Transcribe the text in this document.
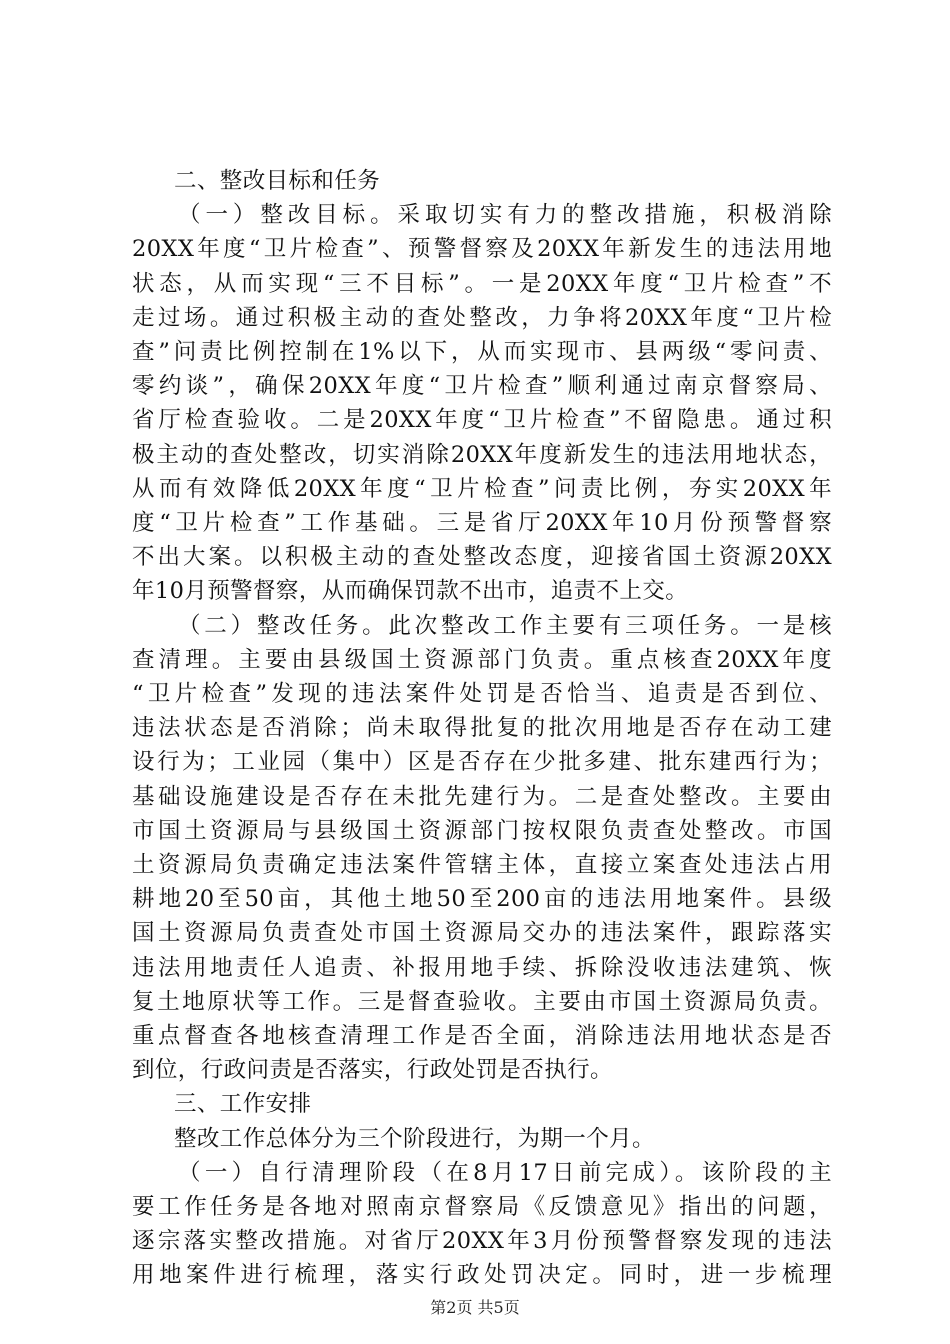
二、整改目标和任务
（一）整改目标。采取切实有力的整改措施，积极消除
20XX年度“卫片检查”、预警督察及20XX年新发生的违法用地
状态，从而实现“三不目标”。一是20XX年度“卫片检查”不
走过场。通过积极主动的查处整改，力争将20XX年度“卫片检
查”问责比例控制在1%以下，从而实现市、县两级“零问责、
零约谈”，确保20XX年度“卫片检查”顺利通过南京督察局、
省厅检查验收。二是20XX年度“卫片检查”不留隐患。通过积
极主动的查处整改，切实消除20XX年度新发生的违法用地状态，
从而有效降低20XX年度“卫片检查”问责比例，夯实20XX年
度“卫片检查”工作基础。三是省厅20XX年10月份预警督察
不出大案。以积极主动的查处整改态度，迎接省国土资源20XX
年10月预警督察，从而确保罚款不出市，追责不上交。
（二）整改任务。此次整改工作主要有三项任务。一是核
查清理。主要由县级国土资源部门负责。重点核查20XX年度
“卫片检查”发现的违法案件处罚是否恰当、追责是否到位、
违法状态是否消除；尚未取得批复的批次用地是否存在动工建
设行为；工业园（集中）区是否存在少批多建、批东建西行为；
基础设施建设是否存在未批先建行为。二是查处整改。主要由
市国土资源局与县级国土资源部门按权限负责查处整改。市国
土资源局负责确定违法案件管辖主体，直接立案查处违法占用
耕地20至50亩，其他土地50至200亩的违法用地案件。县级
国土资源局负责查处市国土资源局交办的违法案件，跟踪落实
违法用地责任人追责、补报用地手续、拆除没收违法建筑、恢
复土地原状等工作。三是督查验收。主要由市国土资源局负责。
重点督查各地核查清理工作是否全面，消除违法用地状态是否
到位，行政问责是否落实，行政处罚是否执行。
三、工作安排
整改工作总体分为三个阶段进行，为期一个月。
（一）自行清理阶段（在8月17日前完成）。该阶段的主
要工作任务是各地对照南京督察局《反馈意见》指出的问题，
逐宗落实整改措施。对省厅20XX年3月份预警督察发现的违法
用地案件进行梳理，落实行政处罚决定。同时，进一步梳理
第2页 共5页
